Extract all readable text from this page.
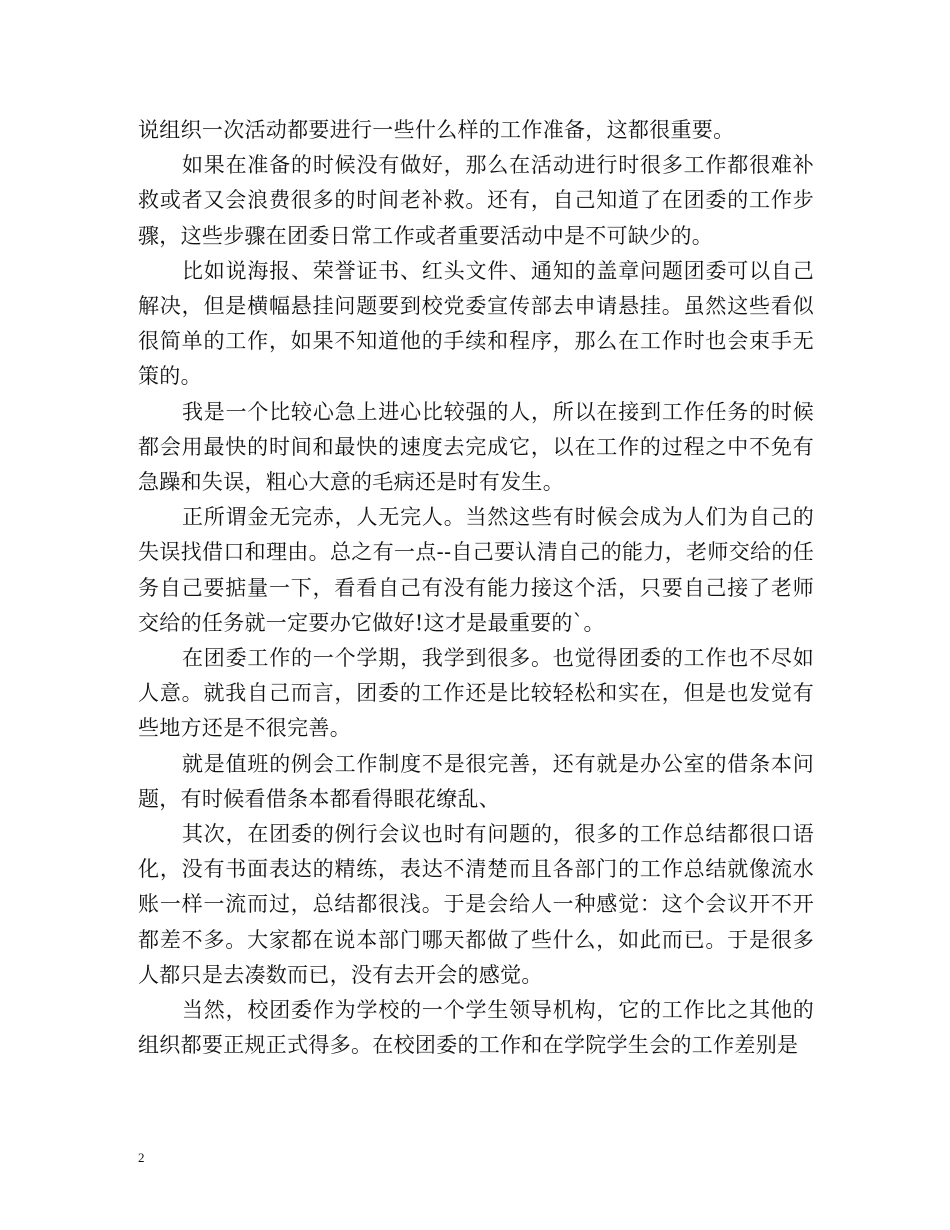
说组织一次活动都要进行一些什么样的工作准备，这都很重要。

如果在准备的时候没有做好，那么在活动进行时很多工作都很难补救或者又会浪费很多的时间老补救。还有，自己知道了在团委的工作步骤，这些步骤在团委日常工作或者重要活动中是不可缺少的。

比如说海报、荣誉证书、红头文件、通知的盖章问题团委可以自己解决，但是横幅悬挂问题要到校党委宣传部去申请悬挂。虽然这些看似很简单的工作，如果不知道他的手续和程序，那么在工作时也会束手无策的。

我是一个比较心急上进心比较强的人，所以在接到工作任务的时候都会用最快的时间和最快的速度去完成它，以在工作的过程之中不免有急躁和失误，粗心大意的毛病还是时有发生。

正所谓金无完赤，人无完人。当然这些有时候会成为人们为自己的失误找借口和理由。总之有一点--自己要认清自己的能力，老师交给的任务自己要掂量一下，看看自己有没有能力接这个活，只要自己接了老师交给的任务就一定要办它做好!这才是最重要的`。

在团委工作的一个学期，我学到很多。也觉得团委的工作也不尽如人意。就我自己而言，团委的工作还是比较轻松和实在，但是也发觉有些地方还是不很完善。

就是值班的例会工作制度不是很完善，还有就是办公室的借条本问题，有时候看借条本都看得眼花缭乱、

其次，在团委的例行会议也时有问题的，很多的工作总结都很口语化，没有书面表达的精练，表达不清楚而且各部门的工作总结就像流水账一样一流而过，总结都很浅。于是会给人一种感觉：这个会议开不开都差不多。大家都在说本部门哪天都做了些什么，如此而已。于是很多人都只是去凑数而已，没有去开会的感觉。

当然，校团委作为学校的一个学生领导机构，它的工作比之其他的组织都要正规正式得多。在校团委的工作和在学院学生会的工作差别是

2
